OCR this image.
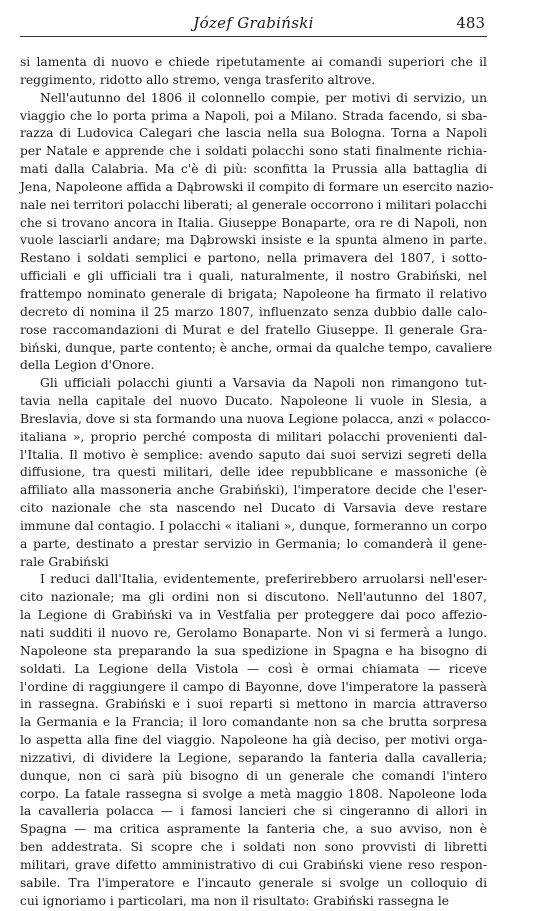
Józef Grabiński	483
si lamenta di nuovo e chiede ripetutamente ai comandi superiori che il
reggimento, ridotto allo stremo, venga trasferito altrove.
Nell'autunno del 1806 il colonnello compie, per motivi di servizio, un
viaggio che lo porta prima a Napoli, poi a Milano. Strada facendo, si sba-
razza di Ludovica Calegari che lascia nella sua Bologna. Torna a Napoli
per Natale e apprende che i soldati polacchi sono stati finalmente richia-
mati dalla Calabria. Ma c'è di più: sconfitta la Prussia alla battaglia di
Jena, Napoleone affida a Dąbrowski il compito di formare un esercito nazio-
nale nei territori polacchi liberati; al generale occorrono i militari polacchi
che si trovano ancora in Italia. Giuseppe Bonaparte, ora re di Napoli, non
vuole lasciarli andare; ma Dąbrowski insiste e la spunta almeno in parte.
Restano i soldati semplici e partono, nella primavera del 1807, i sotto-
ufficiali e gli ufficiali tra i quali, naturalmente, il nostro Grabiński, nel
frattempo nominato generale di brigata; Napoleone ha firmato il relativo
decreto di nomina il 25 marzo 1807, influenzato senza dubbio dalle calo-
rose raccomandazioni di Murat e del fratello Giuseppe. Il generale Gra-
biński, dunque, parte contento; è anche, ormai da qualche tempo, cavaliere
della Legion d'Onore.
Gli ufficiali polacchi giunti a Varsavia da Napoli non rimangono tut-
tavia nella capitale del nuovo Ducato. Napoleone li vuole in Slesia, a
Breslavia, dove si sta formando una nuova Legione polacca, anzi « polacco-
italiana », proprio perché composta di militari polacchi provenienti dal-
l'Italia. Il motivo è semplice: avendo saputo dai suoi servizi segreti della
diffusione, tra questi militari, delle idee repubblicane e massoniche (è
affiliato alla massoneria anche Grabiński), l'imperatore decide che l'eser-
cito nazionale che sta nascendo nel Ducato di Varsavia deve restare
immune dal contagio. I polacchi « italiani », dunque, formeranno un corpo
a parte, destinato a prestar servizio in Germania; lo comanderà il gene-
rale Grabiński
I reduci dall'Italia, evidentemente, preferirebbero arruolarsi nell'eser-
cito nazionale; ma gli ordini non si discutono. Nell'autunno del 1807,
la Legione di Grabiński va in Vestfalia per proteggere dai poco affezio-
nati sudditi il nuovo re, Gerolamo Bonaparte. Non vi si fermerà a lungo.
Napoleone sta preparando la sua spedizione in Spagna e ha bisogno di
soldati. La Legione della Vistola — così è ormai chiamata — riceve
l'ordine di raggiungere il campo di Bayonne, dove l'imperatore la passerà
in rassegna. Grabiński e i suoi reparti si mettono in marcia attraverso
la Germania e la Francia; il loro comandante non sa che brutta sorpresa
lo aspetta alla fine del viaggio. Napoleone ha già deciso, per motivi orga-
nizzativi, di dividere la Legione, separando la fanteria dalla cavalleria;
dunque, non ci sarà più bisogno di un generale che comandi l'intero
corpo. La fatale rassegna si svolge a metà maggio 1808. Napoleone loda
la cavalleria polacca — i famosi lancieri che si cingeranno di allori in
Spagna — ma critica aspramente la fanteria che, a suo avviso, non è
ben addestrata. Si scopre che i soldati non sono provvisti di libretti
militari, grave difetto amministrativo di cui Grabiński viene reso respon-
sabile. Tra l'imperatore e l'incauto generale si svolge un colloquio di
cui ignoriamo i particolari, ma non il risultato: Grabiński rassegna le
